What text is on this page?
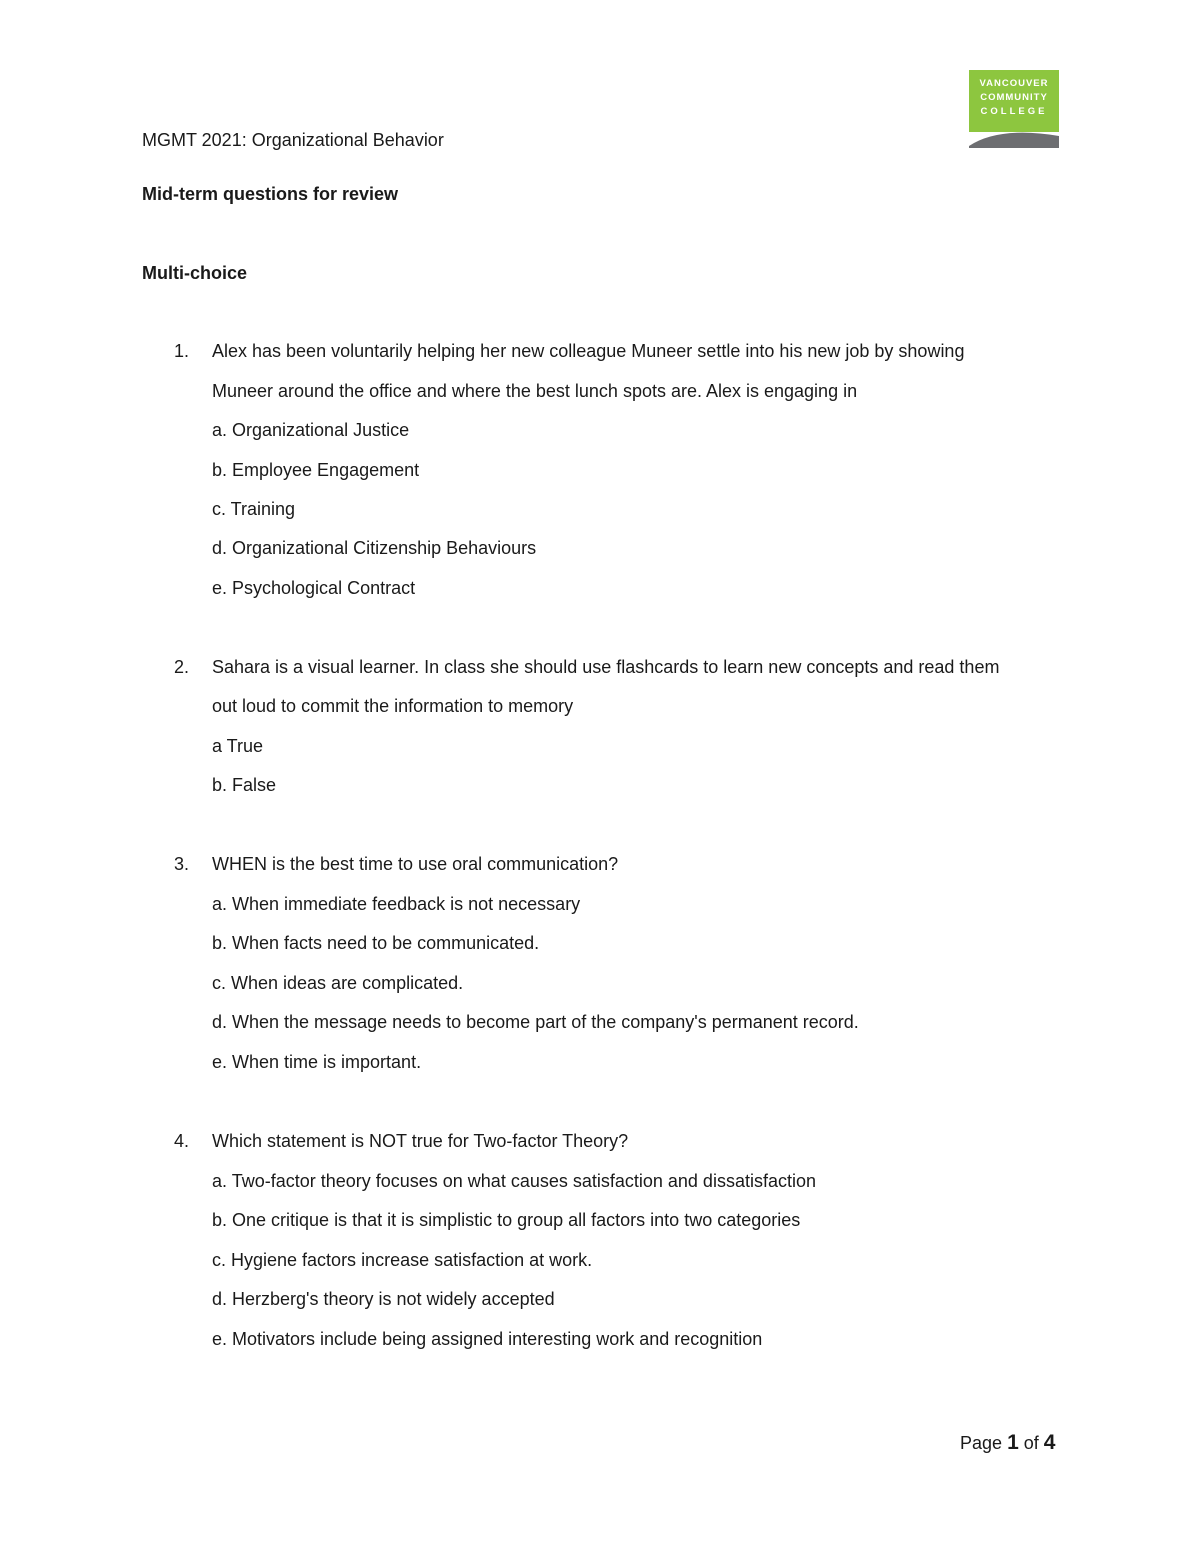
VANCOUVER
COMMUNITY
COLLEGE
MGMT 2021: Organizational Behavior
Mid-term questions for review
Multi-choice
1. Alex has been voluntarily helping her new colleague Muneer settle into his new job by showing
Muneer around the office and where the best lunch spots are. Alex is engaging in
a. Organizational Justice
b. Employee Engagement
c. Training
d. Organizational Citizenship Behaviours
e. Psychological Contract
2. Sahara is a visual learner. In class she should use flashcards to learn new concepts and read them
out loud to commit the information to memory
a True
b. False
3. WHEN is the best time to use oral communication?
a. When immediate feedback is not necessary
b. When facts need to be communicated.
c. When ideas are complicated.
d. When the message needs to become part of the company's permanent record.
e. When time is important.
4. Which statement is NOT true for Two-factor Theory?
a. Two-factor theory focuses on what causes satisfaction and dissatisfaction
b. One critique is that it is simplistic to group all factors into two categories
c. Hygiene factors increase satisfaction at work.
d. Herzberg's theory is not widely accepted
e. Motivators include being assigned interesting work and recognition
Page 1 of 4
